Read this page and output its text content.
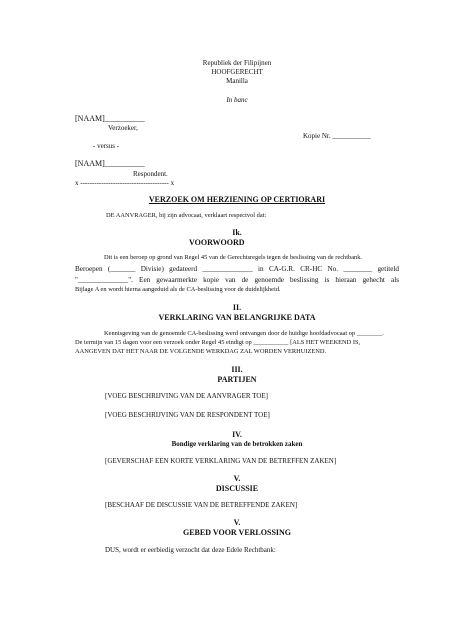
Republiek der Filipijnen
HOOFGERECHT
Manilla
In banc
[NAAM]__________
Verzoeker,
Kopie Nr. ___________
- versus -
[NAAM]__________
Respondent.
x -------------------------------------- x
VERZOEK OM HERZIENING OP CERTIORARI
DE AANVRAGER, bij zijn advocaat, verklaart respectvol dat:
Ik.
VOORWOORD
Dit is een beroep op grond van Regel 45 van de Gerechtsregels tegen de beslissing van de rechtbank.
Beroepen (_______ Divisie) gedateerd ______________ in CA-G.R. CR-HC No. ________ getiteld
"______________". Een gewaarmerkte kopie van de genoemde beslissing is hieraan gehecht als
Bijlage A en wordt hierna aangeduid als de CA-beslissing voor de duidelijkheid.
II.
VERKLARING VAN BELANGRIJKE DATA
Kennisgeving van de genoemde CA-beslissing werd ontvangen door de huidige hoofdadvocaat op ________.
De termijn van 15 dagen voor een verzoek onder Regel 45 eindigt op ___________ [ALS HET WEEKEND IS,
AANGEVEN DAT HET NAAR DE VOLGENDE WERKDAG ZAL WORDEN VERHUIZEND.
III.
PARTIJEN
[VOEG BESCHRIJVING VAN DE AANVRAGER TOE]
[VOEG BESCHRIJVING VAN DE RESPONDENT TOE]
IV.
Bondige verklaring van de betrokken zaken
[GEVERSCHAF EEN KORTE VERKLARING VAN DE BETREFFEN ZAKEN]
V.
DISCUSSIE
[BESCHAAF DE DISCUSSIE VAN DE BETREFFENDE ZAKEN]
V.
GEBED VOOR VERLOSSING
DUS, wordt er eerbiedig verzocht dat deze Edele Rechtbank:
